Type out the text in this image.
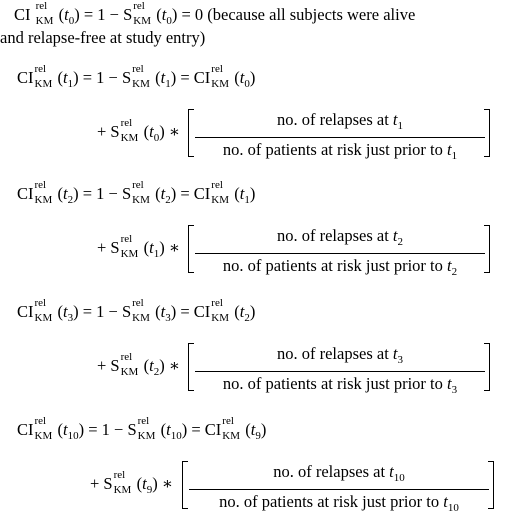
CI rel
KM $(t_0) = 1 - S$ rel
KM $(t_0) = 0$ (because all subjects were alive
and relapse-free at study entry)
CI rel
KM $(t_1) = 1 - S$ rel
KM $(t_1)$ = CI rel
KM $(t_0)$
+ S rel
KM $(t_0)$ ∗
no. of relapses at $t_1$
no. of patients at risk just prior to $t_1$
CI rel
KM $(t_2) = 1 - S$ rel
KM $(t_2)$ = CI rel
KM $(t_1)$
+ S rel
KM $(t_1)$ ∗
no. of relapses at $t_2$
no. of patients at risk just prior to $t_2$
CI rel
KM $(t_3) = 1 - S$ rel
KM $(t_3)$ = CI rel
KM $(t_2)$
+ S rel
KM $(t_2)$ ∗
no. of relapses at $t_3$
no. of patients at risk just prior to $t_3$
CI rel
KM $(t_{10}) = 1 - S$ rel
KM $(t_{10})$ = CI rel
KM $(t_9)$
+ S rel
KM $(t_9)$ ∗
no. of relapses at $t_{10}$
no. of patients at risk just prior to $t_{10}$
